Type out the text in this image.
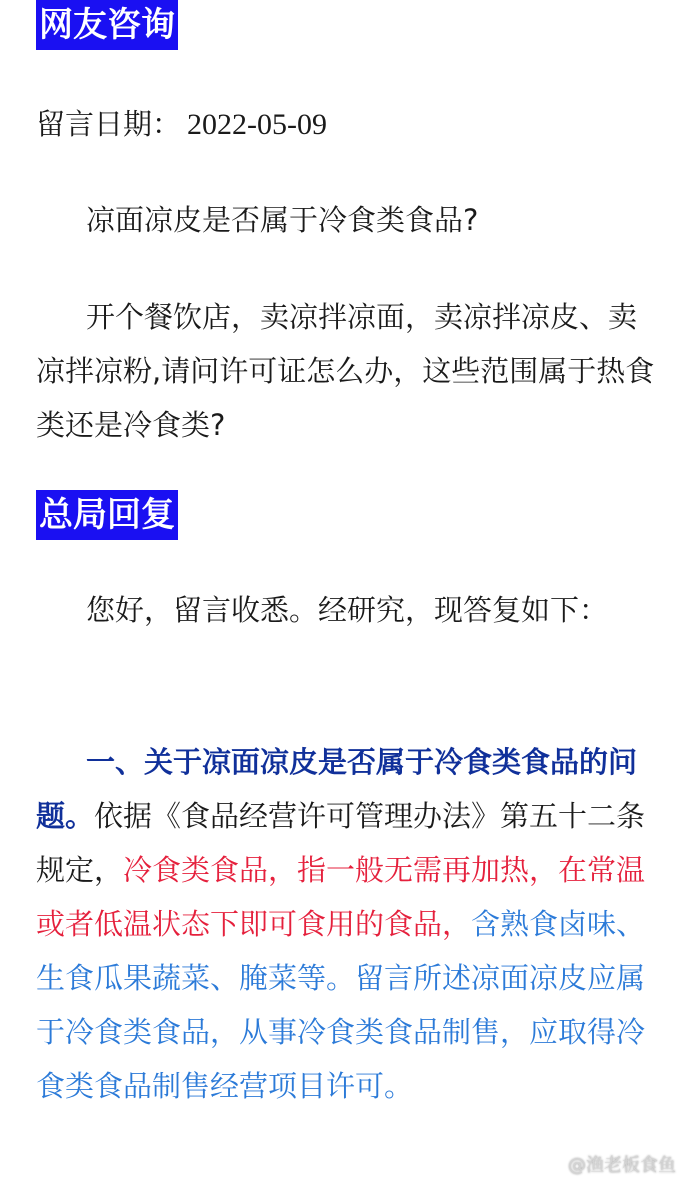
网友咨询
留言日期： 2022-05-09

凉面凉皮是否属于冷食类食品?

开个餐饮店，卖凉拌凉面，卖凉拌凉皮、卖凉拌凉粉,请问许可证怎么办，这些范围属于热食类还是冷食类?

总局回复

您好，留言收悉。经研究，现答复如下：

一、关于凉面凉皮是否属于冷食类食品的问题。依据《食品经营许可管理办法》第五十二条规定，冷食类食品，指一般无需再加热，在常温或者低温状态下即可食用的食品，含熟食卤味、生食瓜果蔬菜、腌菜等。留言所述凉面凉皮应属于冷食类食品，从事冷食类食品制售，应取得冷食类食品制售经营项目许可。

@渔老板食鱼
